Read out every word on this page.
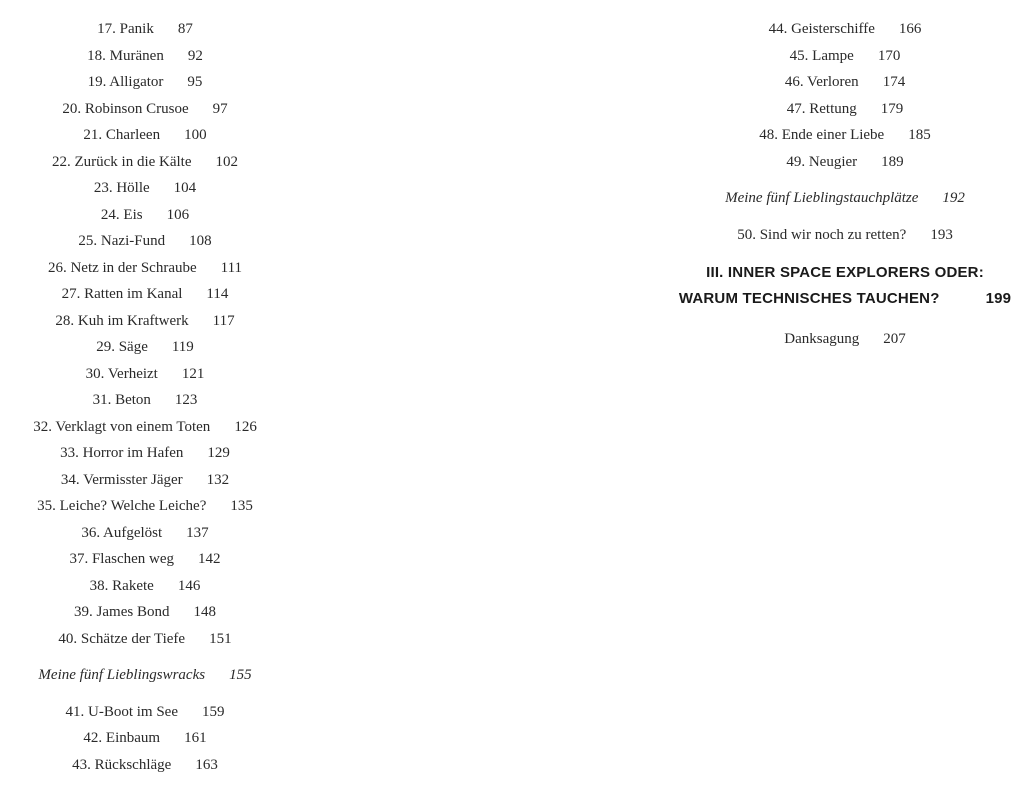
17. Panik 87
18. Muränen 92
19. Alligator 95
20. Robinson Crusoe 97
21. Charleen 100
22. Zurück in die Kälte 102
23. Hölle 104
24. Eis 106
25. Nazi-Fund 108
26. Netz in der Schraube 111
27. Ratten im Kanal 114
28. Kuh im Kraftwerk 117
29. Säge 119
30. Verheizt 121
31. Beton 123
32. Verklagt von einem Toten 126
33. Horror im Hafen 129
34. Vermisster Jäger 132
35. Leiche? Welche Leiche? 135
36. Aufgelöst 137
37. Flaschen weg 142
38. Rakete 146
39. James Bond 148
40. Schätze der Tiefe 151
Meine fünf Lieblingswracks 155
41. U-Boot im See 159
42. Einbaum 161
43. Rückschläge 163
44. Geisterschiffe 166
45. Lampe 170
46. Verloren 174
47. Rettung 179
48. Ende einer Liebe 185
49. Neugier 189
Meine fünf Lieblingstauchplätze 192
50. Sind wir noch zu retten? 193
III. INNER SPACE EXPLORERS ODER:
WARUM TECHNISCHES TAUCHEN?	199
Danksagung 207
